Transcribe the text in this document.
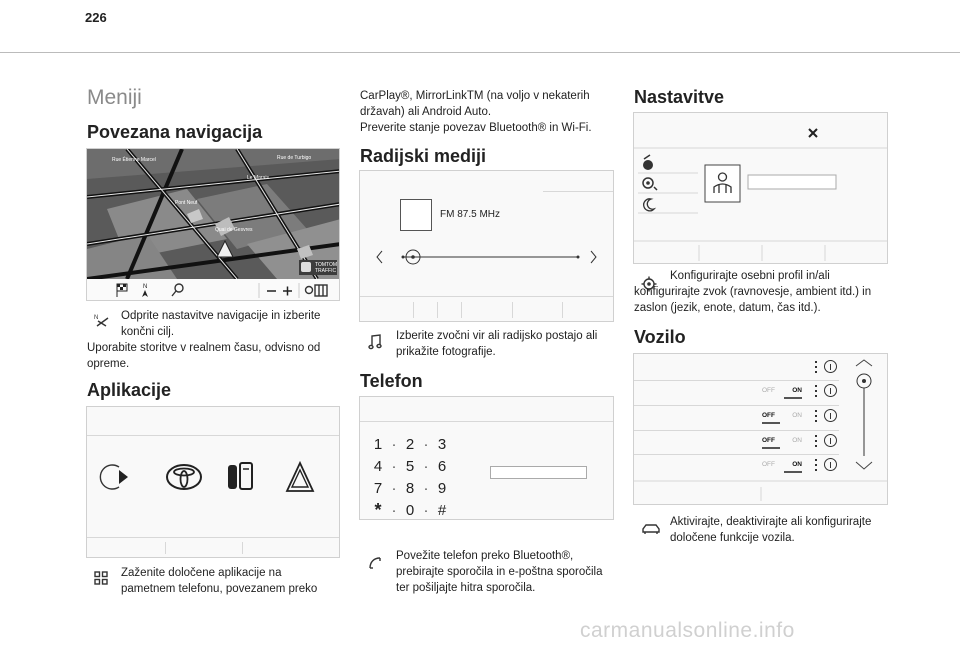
226
Meniji
Povezana navigacija
Rue Étienne Marcel	Rue de Turbigo
Quai de Gesvres
Le Marais
Pont Neuf
TOMTOM
TRAFFIC
N
N Odprite nastavitve navigacije in izberite končni cilj.
Uporabite storitve v realnem času, odvisno od opreme.
Aplikacije
Zaženite določene aplikacije na pametnem telefonu, povezanem preko
CarPlay®, MirrorLinkTM (na voljo v nekaterih državah) ali Android Auto.
Preverite stanje povezav Bluetooth® in Wi-Fi.
Radijski mediji
FM 87.5 MHz
Izberite zvočni vir ali radijsko postajo ali prikažite fotografije.
Telefon
1 · 2 · 3
4 · 5 · 6
7 · 8 · 9
* · 0 · #
Povežite telefon preko Bluetooth®, prebirajte sporočila in e-poštna sporočila ter pošiljajte hitra sporočila.
Nastavitve
Konfigurirajte osebni profil in/ali konfigurirajte zvok (ravnovesje, ambient itd.) in zaslon (jezik, enote, datum, čas itd.).
Vozilo
OFF	ON
OFF	ON
OFF	ON
OFF	ON
Aktivirajte, deaktivirajte ali konfigurirajte določene funkcije vozila.
carmanualsonline.info
